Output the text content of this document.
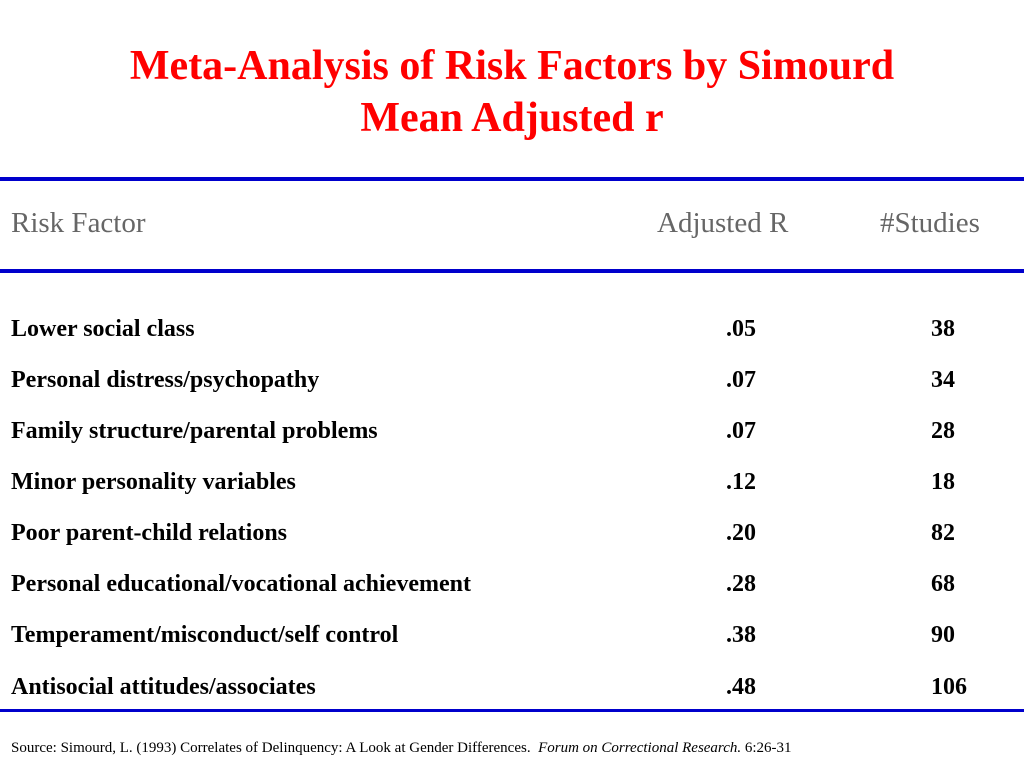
Meta-Analysis of Risk Factors by Simourd
Mean Adjusted r
Risk Factor	Adjusted R	#Studies
Lower social class	.05	38
Personal distress/psychopathy	.07	34
Family structure/parental problems	.07	28
Minor personality variables	.12	18
Poor parent-child relations	.20	82
Personal educational/vocational achievement	.28	68
Temperament/misconduct/self control	.38	90
Antisocial attitudes/associates	.48	106
Source: Simourd, L. (1993) Correlates of Delinquency: A Look at Gender Differences. Forum on Correctional Research. 6:26-31
